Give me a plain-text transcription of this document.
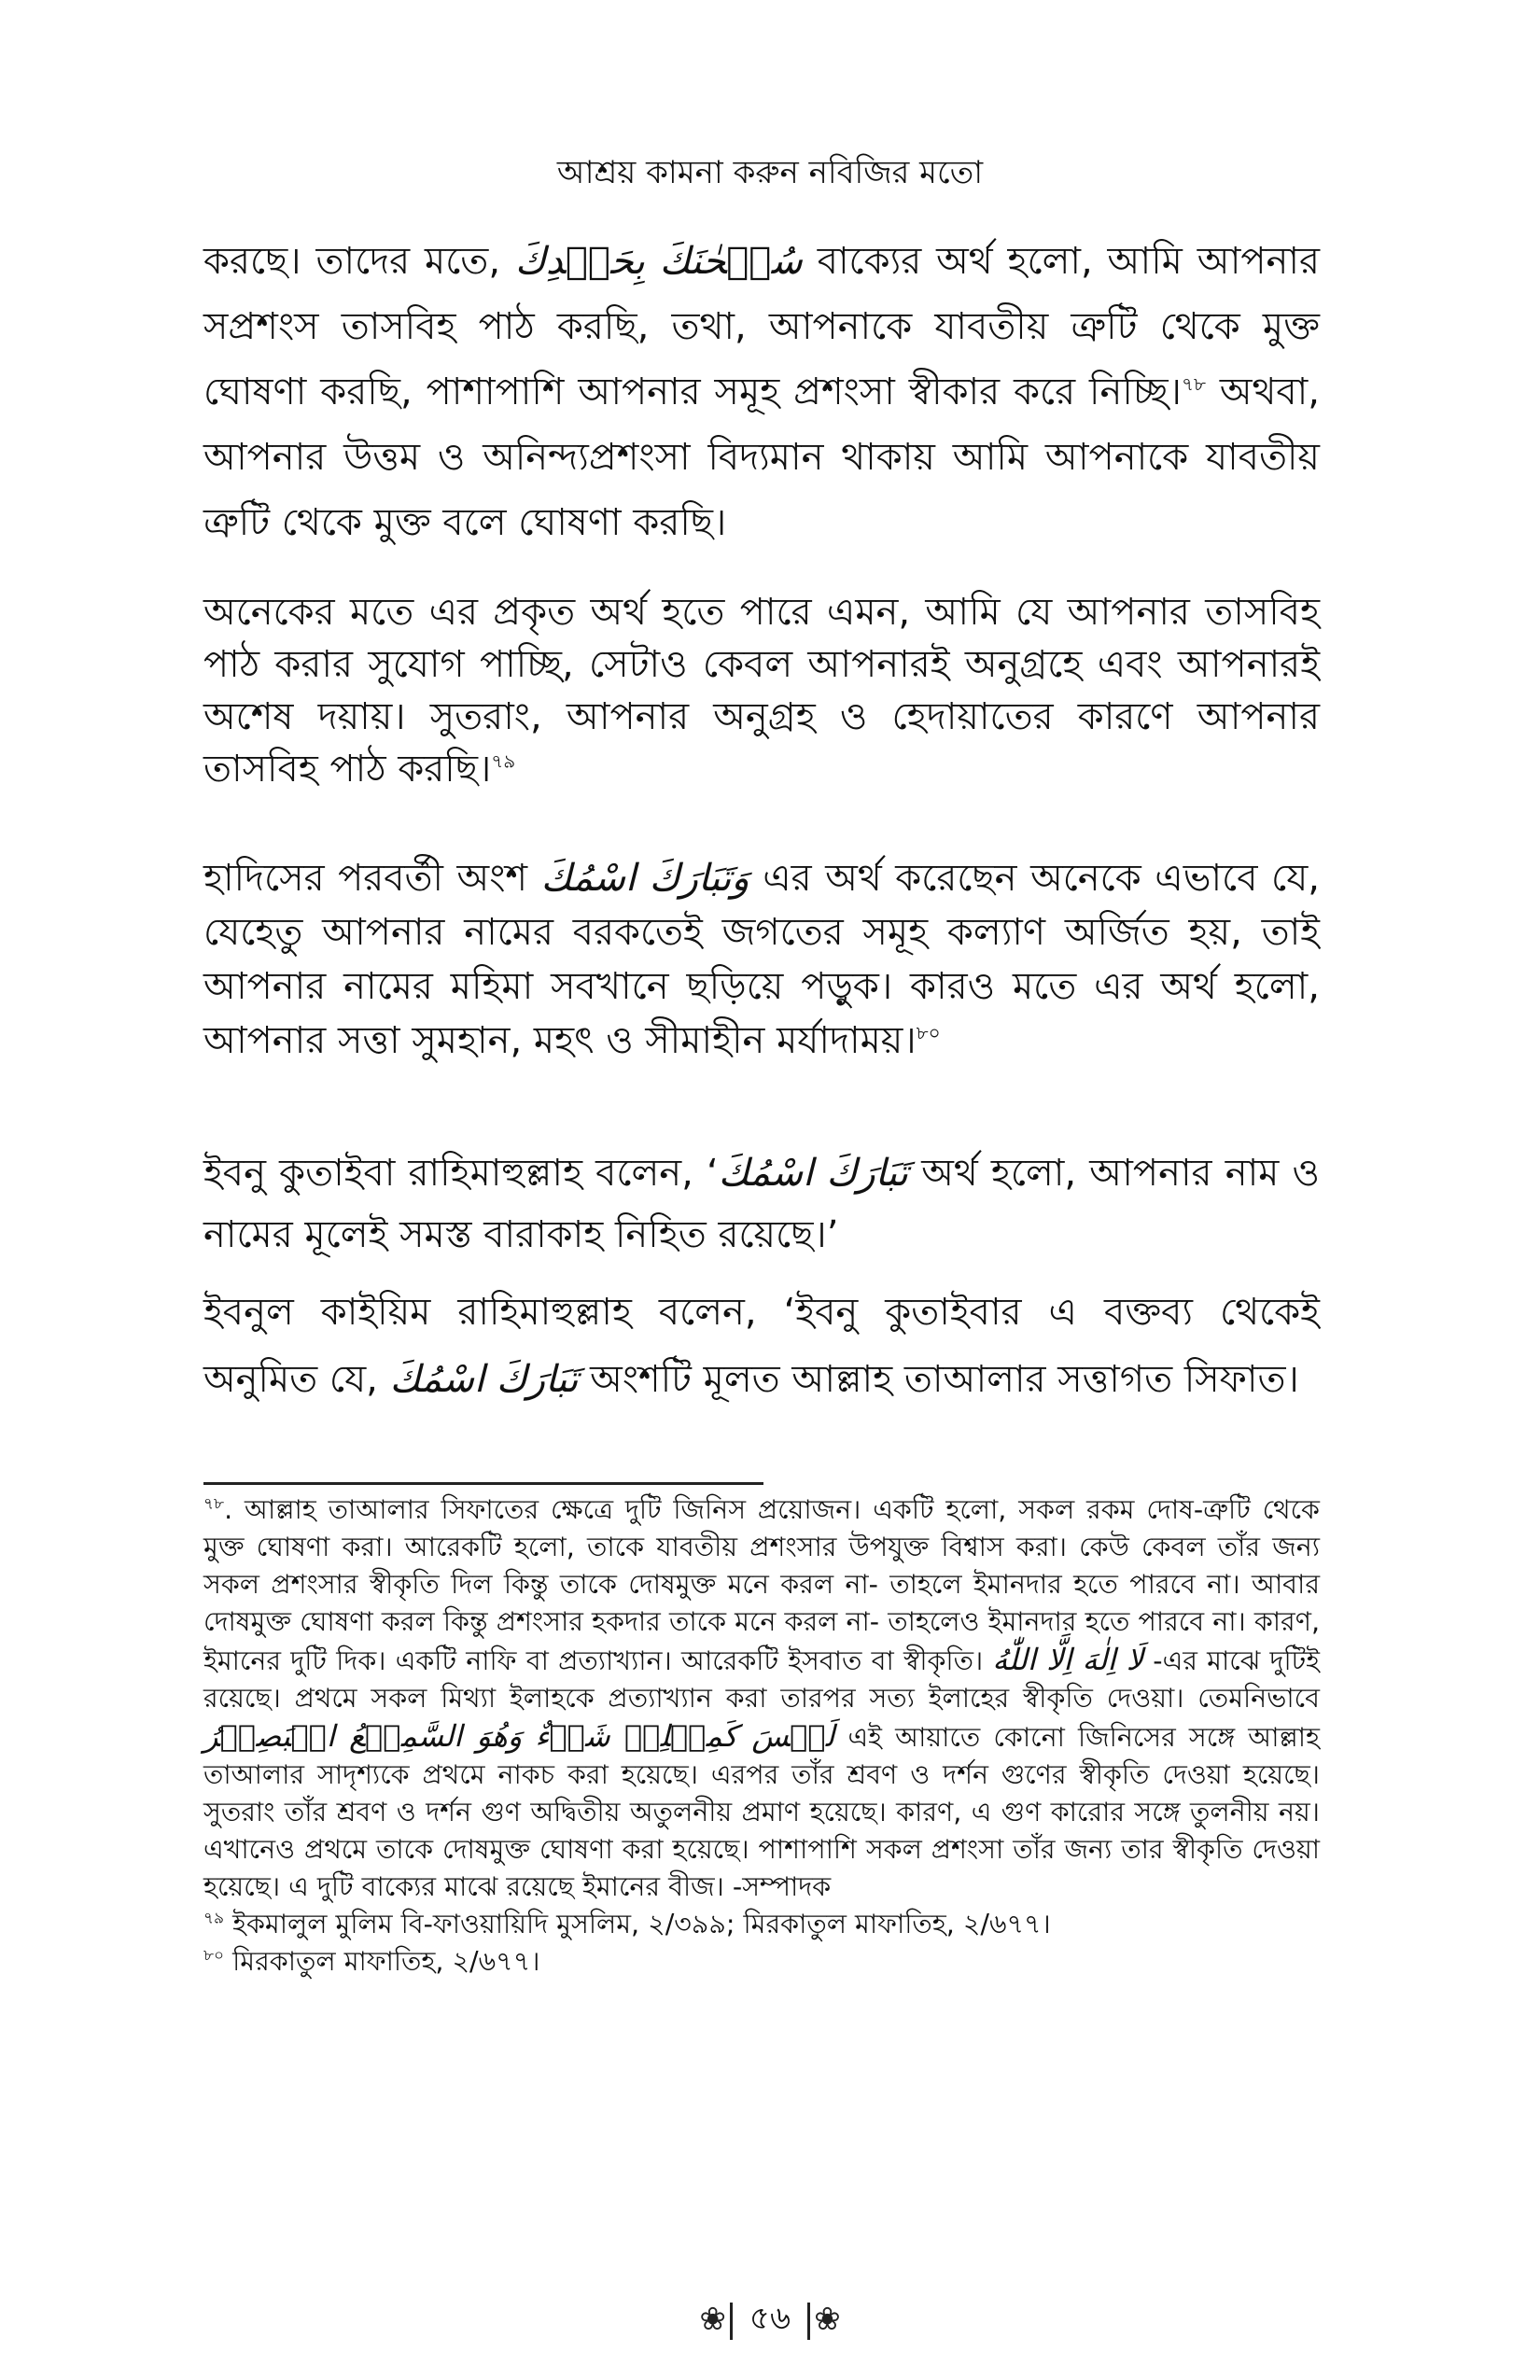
আশ্রয় কামনা করুন নবিজির মতো

করছে। তাদের মতে, سُبۡحٰنَكَ بِحَمۡدِكَ বাক্যের অর্থ হলো, আমি আপনার সপ্রশংস তাসবিহ পাঠ করছি, তথা, আপনাকে যাবতীয় ত্রুটি থেকে মুক্ত ঘোষণা করছি, পাশাপাশি আপনার সমূহ প্রশংসা স্বীকার করে নিচ্ছি।$^{৭৮}$ অথবা, আপনার উত্তম ও অনিন্দ্যপ্রশংসা বিদ্যমান থাকায় আমি আপনাকে যাবতীয় ত্রুটি থেকে মুক্ত বলে ঘোষণা করছি।

অনেকের মতে এর প্রকৃত অর্থ হতে পারে এমন, আমি যে আপনার তাসবিহ পাঠ করার সুযোগ পাচ্ছি, সেটাও কেবল আপনারই অনুগ্রহে এবং আপনারই অশেষ দয়ায়। সুতরাং, আপনার অনুগ্রহ ও হেদায়াতের কারণে আপনার তাসবিহ পাঠ করছি।$^{৭৯}$

হাদিসের পরবর্তী অংশ وَتَبَارَكَ اسْمُكَ এর অর্থ করেছেন অনেকে এভাবে যে, যেহেতু আপনার নামের বরকতেই জগতের সমূহ কল্যাণ অর্জিত হয়, তাই আপনার নামের মহিমা সবখানে ছড়িয়ে পড়ুক। কারও মতে এর অর্থ হলো, আপনার সত্তা সুমহান, মহৎ ও সীমাহীন মর্যাদাময়।$^{৮০}$

ইবনু কুতাইবা রাহিমাহুল্লাহ বলেন, ‘تَبَارَكَ اسْمُكَ অর্থ হলো, আপনার নাম ও নামের মূলেই সমস্ত বারাকাহ নিহিত রয়েছে।’

ইবনুল কাইয়িম রাহিমাহুল্লাহ বলেন, ‘ইবনু কুতাইবার এ বক্তব্য থেকেই অনুমিত যে, تَبَارَكَ اسْمُكَ অংশটি মূলত আল্লাহ তাআলার সত্তাগত সিফাত।

$^{৭৮}$. আল্লাহ তাআলার সিফাতের ক্ষেত্রে দুটি জিনিস প্রয়োজন। একটি হলো, সকল রকম দোষ-ত্রুটি থেকে মুক্ত ঘোষণা করা। আরেকটি হলো, তাকে যাবতীয় প্রশংসার উপযুক্ত বিশ্বাস করা। কেউ কেবল তাঁর জন্য সকল প্রশংসার স্বীকৃতি দিল কিন্তু তাকে দোষমুক্ত মনে করল না- তাহলে ইমানদার হতে পারবে না। আবার দোষমুক্ত ঘোষণা করল কিন্তু প্রশংসার হকদার তাকে মনে করল না- তাহলেও ইমানদার হতে পারবে না। কারণ, ইমানের দুটি দিক। একটি নাফি বা প্রত্যাখ্যান। আরেকটি ইসবাত বা স্বীকৃতি। لَا اِلٰهَ اِلَّا اللّٰهُ -এর মাঝে দুটিই রয়েছে। প্রথমে সকল মিথ্যা ইলাহকে প্রত্যাখ্যান করা তারপর সত্য ইলাহের স্বীকৃতি দেওয়া। তেমনিভাবে لَيۡسَ كَمِثۡلِهٖ شَيۡءٌ وَهُوَ السَّمِيۡعُ الۡبَصِيۡرُ	এই আয়াতে কোনো জিনিসের সঙ্গে আল্লাহ তাআলার সাদৃশ্যকে প্রথমে নাকচ করা হয়েছে। এরপর তাঁর শ্রবণ ও দর্শন গুণের স্বীকৃতি দেওয়া হয়েছে। সুতরাং তাঁর শ্রবণ ও দর্শন গুণ অদ্বিতীয় অতুলনীয় প্রমাণ হয়েছে। কারণ, এ গুণ কারোর সঙ্গে তুলনীয় নয়। এখানেও প্রথমে তাকে দোষমুক্ত ঘোষণা করা হয়েছে। পাশাপাশি সকল প্রশংসা তাঁর জন্য তার স্বীকৃতি দেওয়া হয়েছে। এ দুটি বাক্যের মাঝে রয়েছে ইমানের বীজ। -সম্পাদক

$^{৭৯}$ ইকমালুল মুলিম বি-ফাওয়ায়িদি মুসলিম, ২/৩৯৯; মিরকাতুল মাফাতিহ, ২/৬৭৭।

$^{৮০}$ মিরকাতুল মাফাতিহ, ২/৬৭৭।

❀ ৫৬ ❀
